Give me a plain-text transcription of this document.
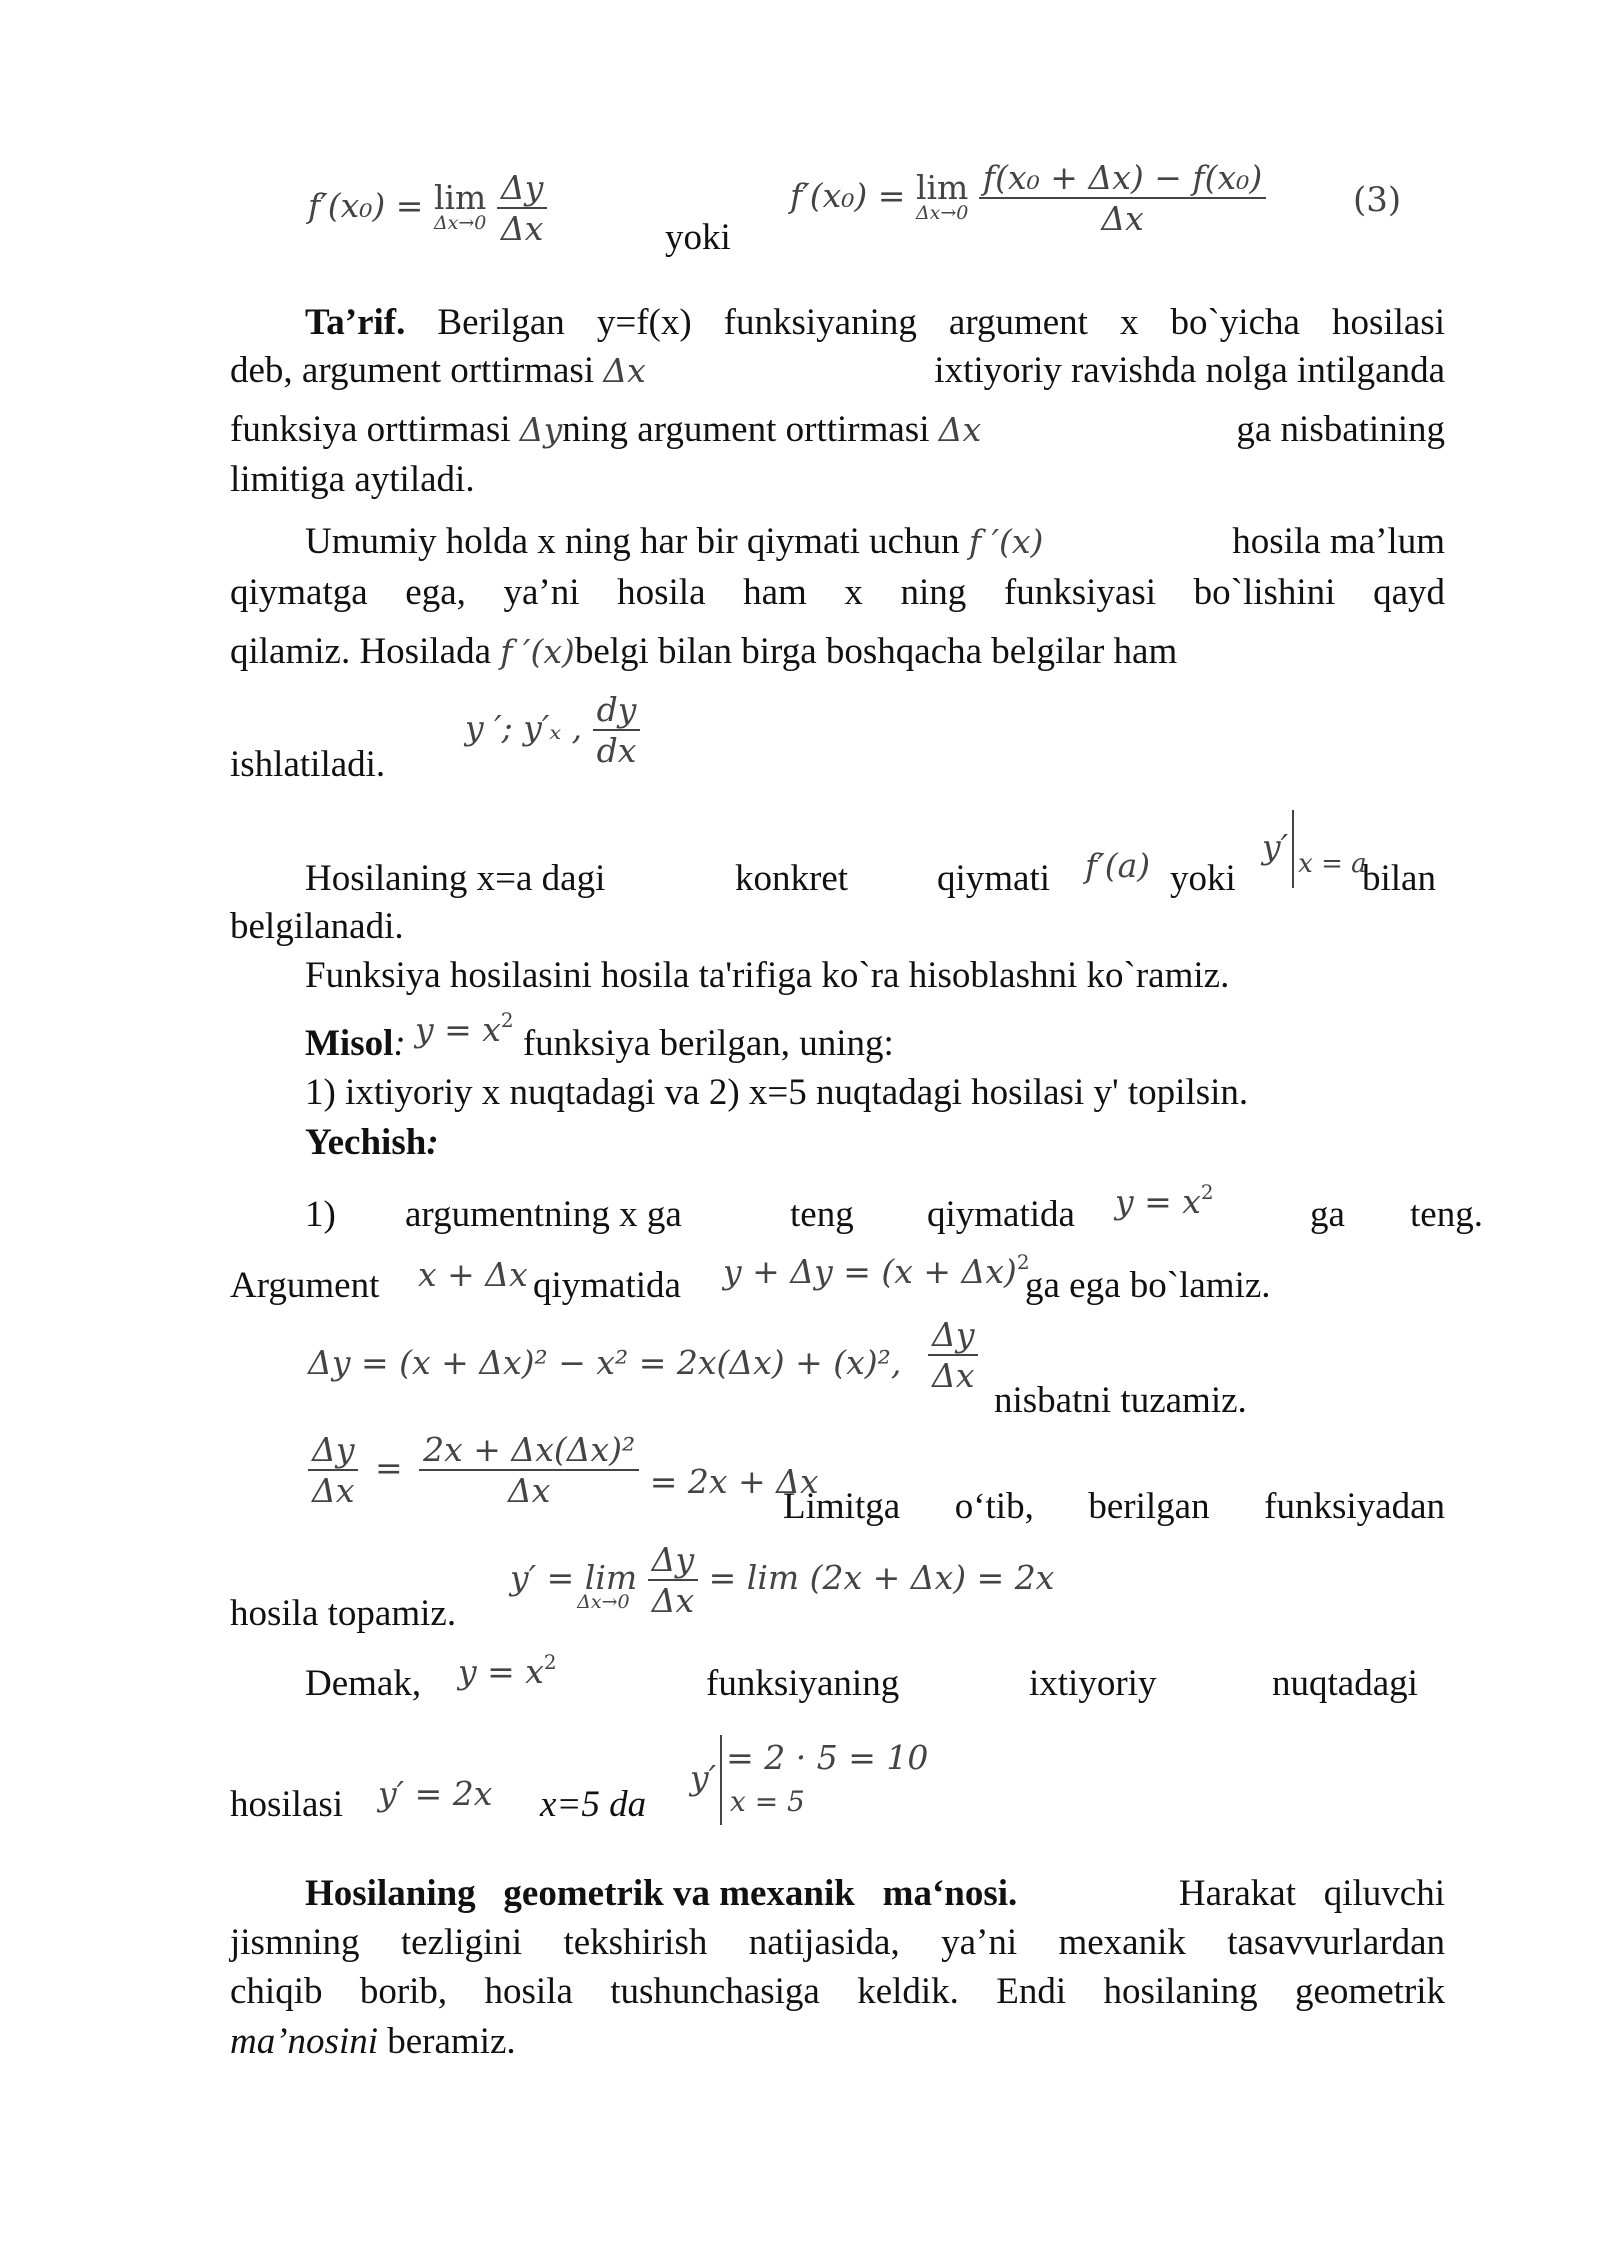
f′(x₀) = lim
Δx→0
$\frac{\Delta y}{\Delta x}$	yoki
f′(x₀) = lim
Δx→0
$\frac{\text{f(x₀ + Δx) − f(x₀)}}{\Delta x}$	(3)
Ta’rif. Berilgan y=f(x) funksiyaning argument x bo`yicha hosilasi
deb, argument orttirmasi Δx	ixtiyoriy ravishda nolga intilganda
funksiya orttirmasi Δyning argument orttirmasi Δx	ga nisbatining
limitiga aytiladi.
Umumiy holda x ning har bir qiymati uchun f ′(x)	hosila ma’lum
qiymatga ega, ya’ni hosila ham x ning funksiyasi bo`lishini qayd
qilamiz. Hosilada f ′(x)belgi bilan birga boshqacha belgilar ham
y ′; y′ₓ , $\frac{dy}{dx}$
ishlatiladi.
Hosilaning x=a dagi	konkret qiymati f′(a) yoki
y′ $_{x = a}$
bilan
belgilanadi.
Funksiya hosilasini hosila ta'rifiga ko`ra hisoblashni ko`ramiz.
Misol: $y = x^2$ funksiya berilgan, uning:
1) ixtiyoriy x nuqtadagi va 2) x=5 nuqtadagi hosilasi y' topilsin.
Yechish:
1) argumentning x ga	teng qiymatida $y = x^2$
ga teng.
Argument x + Δx qiymatida $y + \Delta y = (x + \Delta x)^2$
ga ega bo`lamiz.
Δy = (x + Δx)² − x² = 2x(Δx) + (x)², $\frac{\Delta y}{\Delta x}$
nisbatni tuzamiz.
$\frac{\Delta y}{\Delta x} = \frac{\text{2x + Δx(Δx)²}}{\Delta x} = 2x + \Delta x$
Limitga o‘tib, berilgan funksiyadan
y′ = lim
Δx→0
$\frac{\Delta y}{\Delta x} = \lim (2x + \Delta x) = 2x$
hosila topamiz.
Demak, $y = x^2$
funksiyaning	ixtiyoriy	nuqtadagi
hosilasi y′ = 2x x=5 da
y′= 2 · 5 = 10
x = 5
Hosilaning   geometrik va mexanik   ma‘nosi.	Harakat   qiluvchi
jismning tezligini tekshirish natijasida, ya’ni mexanik tasavvurlardan
chiqib borib, hosila tushunchasiga keldik. Endi hosilaning geometrik
ma’nosini beramiz.
